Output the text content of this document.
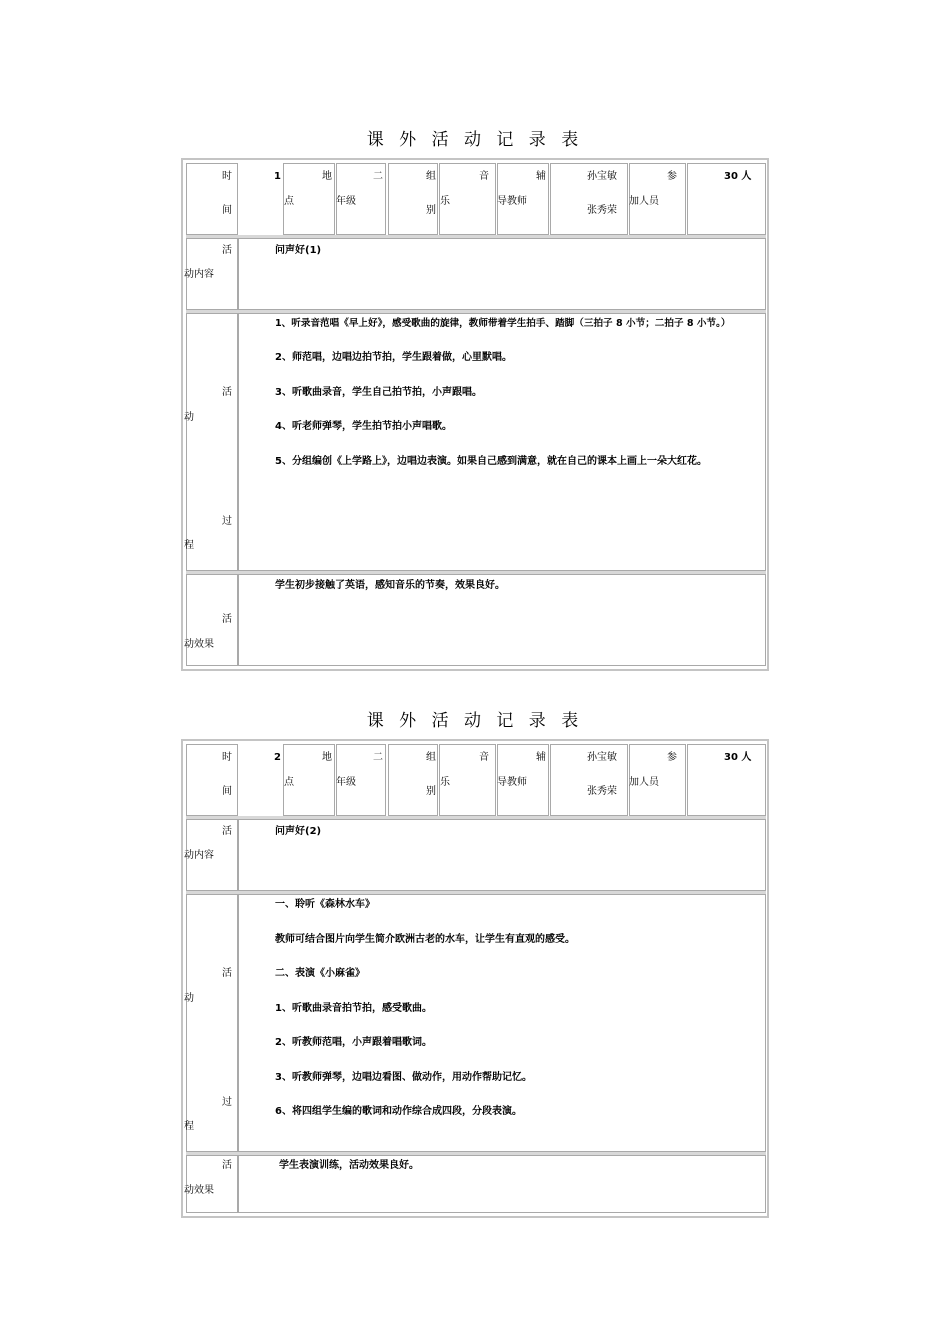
课 外 活 动 记 录 表
时
间
1	地
点
二
年级
组
别
音
乐
辅
导教师
孙宝敏
张秀荣
参
加人员
30 人
活
动内容
问声好(1)
活
动
过
程
1、听录音范唱《早上好》，感受歌曲的旋律，教师带着学生拍手、踏脚（三拍子 8 小节；二拍子 8 小节。）
2、师范唱，边唱边拍节拍，学生跟着做，心里默唱。
3、听歌曲录音，学生自己拍节拍，小声跟唱。
4、听老师弹琴，学生拍节拍小声唱歌。
5、分组编创《上学路上》，边唱边表演。如果自己感到满意，就在自己的课本上画上一朵大红花。
活
动效果
学生初步接触了英语，感知音乐的节奏，效果良好。
课 外 活 动 记 录 表
时
间
2	地
点
二
年级
组
别
音
乐
辅
导教师
孙宝敏
张秀荣
参
加人员
30 人
活
动内容
问声好(2)
活
动
过
程
一、聆听《森林水车》
教师可结合图片向学生简介欧洲古老的水车，让学生有直观的感受。
二、表演《小麻雀》
1、听歌曲录音拍节拍，感受歌曲。
2、听教师范唱，小声跟着唱歌词。
3、听教师弹琴，边唱边看图、做动作，用动作帮助记忆。
6、将四组学生编的歌词和动作综合成四段，分段表演。
活
动效果
学生表演训练，活动效果良好。
